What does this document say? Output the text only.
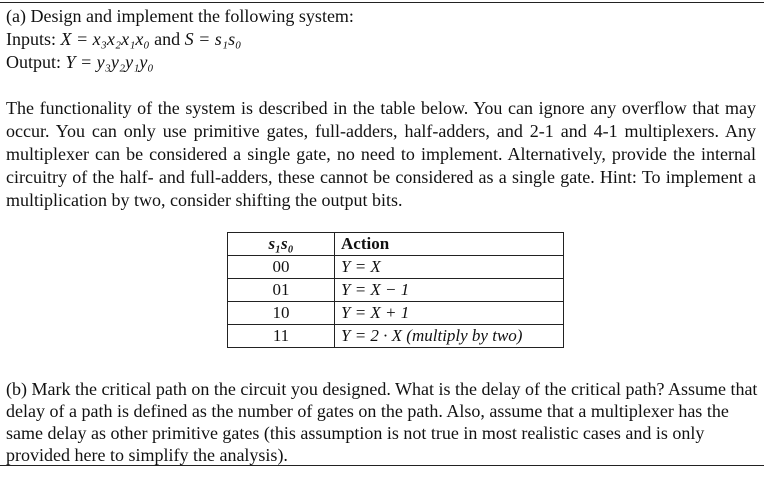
(a) Design and implement the following system:
Inputs: X = x₃x₂x₁x₀ and S = s₁s₀
Output: Y = y₃y₂y₁y₀
The functionality of the system is described in the table below. You can ignore any overflow that may occur. You can only use primitive gates, full-adders, half-adders, and 2-1 and 4-1 multiplexers. Any multiplexer can be considered a single gate, no need to implement. Alternatively, provide the internal circuitry of the half- and full-adders, these cannot be considered as a single gate. Hint: To implement a multiplication by two, consider shifting the output bits.
s₁s₀	Action
00	Y = X
01	Y = X − 1
10	Y = X + 1
11	Y = 2 · X (multiply by two)
(b) Mark the critical path on the circuit you designed. What is the delay of the critical path? Assume that delay of a path is defined as the number of gates on the path. Also, assume that a multiplexer has the same delay as other primitive gates (this assumption is not true in most realistic cases and is only provided here to simplify the analysis).
